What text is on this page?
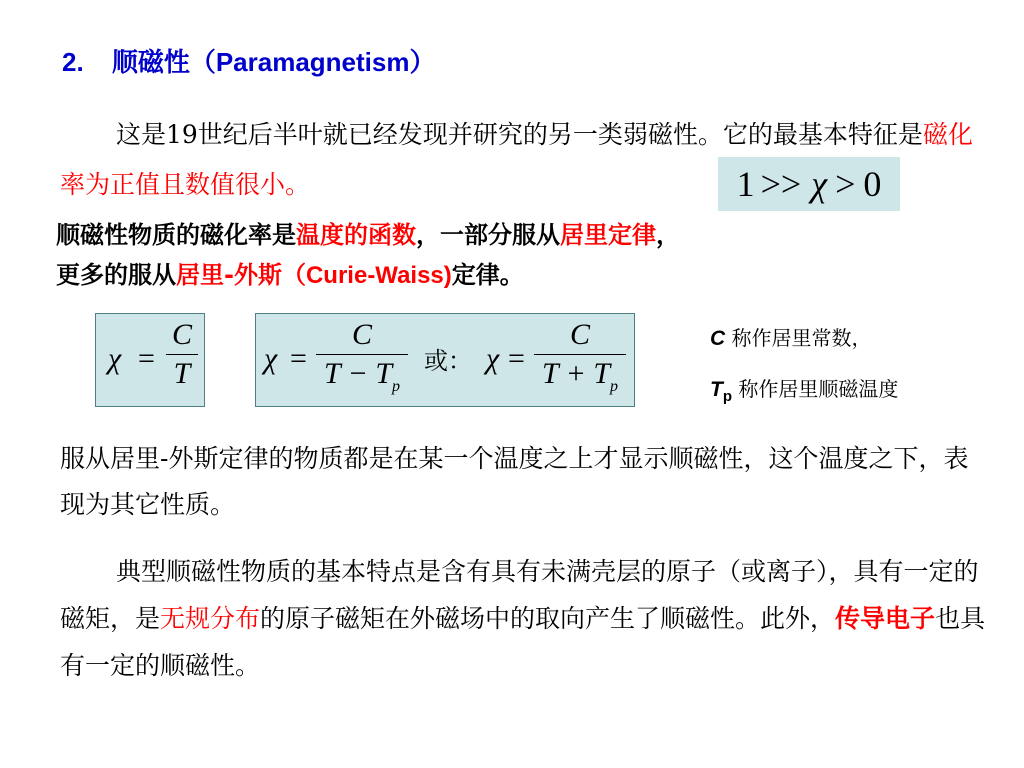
2. 顺磁性（Paramagnetism）
这是19世纪后半叶就已经发现并研究的另一类弱磁性。它的最基本特征是磁化率为正值且数值很小。	1 >> χ > 0
顺磁性物质的磁化率是温度的函数，一部分服从居里定律，
更多的服从居里-外斯（Curie-Waiss)定律。
χ =
C
T χ =
C
$T - T_p$
或： χ =
C
$T + T_p$
C 称作居里常数，
$T_p$ 称作居里顺磁温度
服从居里-外斯定律的物质都是在某一个温度之上才显示顺磁性，这个温度之下，表现为其它性质。
典型顺磁性物质的基本特点是含有具有未满壳层的原子（或离子），具有一定的磁矩，是无规分布的原子磁矩在外磁场中的取向产生了顺磁性。此外，传导电子也具有一定的顺磁性。
